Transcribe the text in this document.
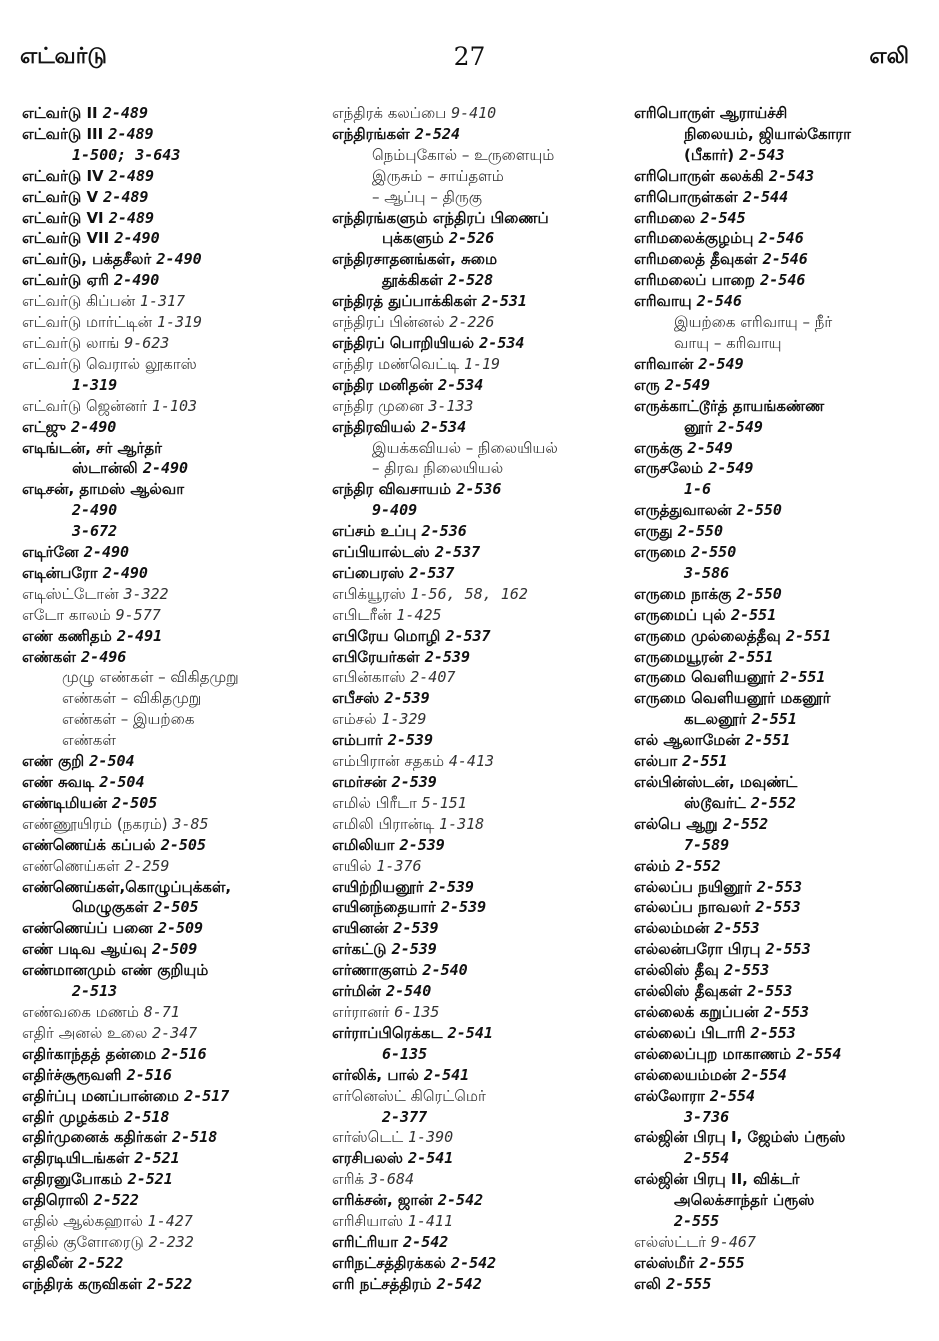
எட்வர்டு	27	எலி
எட்வர்டு II 2-489
எட்வர்டு III 2-489
1-500; 3-643
எட்வர்டு IV 2-489
எட்வர்டு V 2-489
எட்வர்டு VI 2-489
எட்வர்டு VII 2-490
எட்வர்டு, பக்தசீலர் 2-490
எட்வர்டு ஏரி 2-490
எட்வர்டு கிப்பன் 1-317
எட்வர்டு மார்ட்டின் 1-319
எட்வர்டு லாங் 9-623
எட்வர்டு வெரால் லூகாஸ்
1-319
எட்வர்டு ஜென்னர் 1-103
எட்ஜு 2-490
எடிங்டன், சர் ஆர்தர்
ஸ்டான்லி 2-490
எடிசன், தாமஸ் ஆல்வா
2-490
3-672
எடிர்னே 2-490
எடின்பரோ 2-490
எடிஸ்ட்டோன் 3-322
எடோ காலம் 9-577
எண் கணிதம் 2-491
எண்கள் 2-496
முழு எண்கள் – விகிதமுறு
எண்கள் – விகிதமுறு
எண்கள் – இயற்கை
எண்கள்
எண் குறி 2-504
எண் சுவடி 2-504
எண்டிமியன் 2-505
எண்ணூயிரம் (நகரம்) 3-85
எண்ணெய்க் கப்பல் 2-505
எண்ணெய்கள் 2-259
எண்ணெய்கள்,கொழுப்புக்கள்,
மெழுகுகள் 2-505
எண்ணெய்ப் பனை 2-509
எண் படிவ ஆய்வு 2-509
எண்மானமும் எண் குறியும்
2-513
எண்வகை மணம் 8-71
எதிர் அனல் உலை 2-347
எதிர்காந்தத் தன்மை 2-516
எதிர்ச்சூரூவளி 2-516
எதிர்ப்பு மனப்பான்மை 2-517
எதிர் முழக்கம் 2-518
எதிர்முனைக் கதிர்கள் 2-518
எதிரடியிடங்கள் 2-521
எதிரனுபோகம் 2-521
எதிரொலி 2-522
எதில் ஆல்கஹால் 1-427
எதில் குளோரைடு 2-232
எதிலீன் 2-522
எந்திரக் கருவிகள் 2-522
எந்திரக் கலப்பை 9-410
எந்திரங்கள் 2-524
நெம்புகோல் – உருளையும்
இருசும் – சாய்தளம்
– ஆப்பு – திருகு
எந்திரங்களும் எந்திரப் பிணைப்
புக்களும் 2-526
எந்திரசாதனங்கள், சுமை
தூக்கிகள் 2-528
எந்திரத் துப்பாக்கிகள் 2-531
எந்திரப் பின்னல் 2-226
எந்திரப் பொறியியல் 2-534
எந்திர மண்வெட்டி 1-19
எந்திர மனிதன் 2-534
எந்திர முனை 3-133
எந்திரவியல் 2-534
இயக்கவியல் – நிலையியல்
– திரவ நிலையியல்
எந்திர விவசாயம் 2-536
9-409
எப்சம் உப்பு 2-536
எப்பியால்டஸ் 2-537
எப்பைரஸ் 2-537
எபிக்யூரஸ் 1-56, 58, 162
எபிடரீன் 1-425
எபிரேய மொழி 2-537
எபிரேயர்கள் 2-539
எபின்காஸ் 2-407
எபீசஸ் 2-539
எம்சல் 1-329
எம்பார் 2-539
எம்பிரான் சதகம் 4-413
எமர்சன் 2-539
எமில் பிரீடா 5-151
எமிலி பிரான்டி 1-318
எமிலியா 2-539
எயில் 1-376
எயிற்றியனூர் 2-539
எயினந்தையார் 2-539
எயினன் 2-539
எர்கட்டு 2-539
எர்ணாகுளம் 2-540
எர்மின் 2-540
எர்ரானர் 6-135
எர்ராப்பிரெக்கட 2-541
6-135
எர்லிக், பால் 2-541
எர்னெஸ்ட் கிரெட்மெர்
2-377
எர்ஸ்டெட் 1-390
எரசிபலஸ் 2-541
எரிக் 3-684
எரிக்சன், ஜான் 2-542
எரிசியாஸ் 1-411
எரிட்ரியா 2-542
எரிநட்சத்திரக்கல் 2-542
எரி நட்சத்திரம் 2-542
எரிபொருள் ஆராய்ச்சி
நிலையம், ஜியால்கோரா
(பீகார்) 2-543
எரிபொருள் கலக்கி 2-543
எரிபொருள்கள் 2-544
எரிமலை 2-545
எரிமலைக்குழம்பு 2-546
எரிமலைத் தீவுகள் 2-546
எரிமலைப் பாறை 2-546
எரிவாயு 2-546
இயற்கை எரிவாயு – நீர்
வாயு – கரிவாயு
எரிவான் 2-549
எரு 2-549
எருக்காட்டூர்த் தாயங்கண்ண
னூர் 2-549
எருக்கு 2-549
எருசலேம் 2-549
1-6
எருத்துவாலன் 2-550
எருது 2-550
எருமை 2-550
3-586
எருமை நாக்கு 2-550
எருமைப் புல் 2-551
எருமை முல்லைத்தீவு 2-551
எருமையூரன் 2-551
எருமை வெளியனூர் 2-551
எருமை வெளியனூர் மகனூர்
கடலனூர் 2-551
எல் ஆலாமேன் 2-551
எல்பா 2-551
எல்பின்ஸ்டன், மவுண்ட்
ஸ்டூவர்ட் 2-552
எல்பெ ஆறு 2-552
7-589
எல்ம் 2-552
எல்லப்ப நயினூர் 2-553
எல்லப்ப நாவலர் 2-553
எல்லம்மன் 2-553
எல்லன்பரோ பிரபு 2-553
எல்லிஸ் தீவு 2-553
எல்லிஸ் தீவுகள் 2-553
எல்லைக் கறுப்பன் 2-553
எல்லைப் பிடாரி 2-553
எல்லைப்புற மாகாணம் 2-554
எல்லையம்மன் 2-554
எல்லோரா 2-554
3-736
எல்ஜின் பிரபு I, ஜேம்ஸ் ப்ரூஸ்
2-554
எல்ஜின் பிரபு II, விக்டர்
அலெக்சாந்தர் ப்ரூஸ்
2-555
எல்ஸ்ட்டர் 9-467
எல்ஸ்மீர் 2-555
எலி 2-555
